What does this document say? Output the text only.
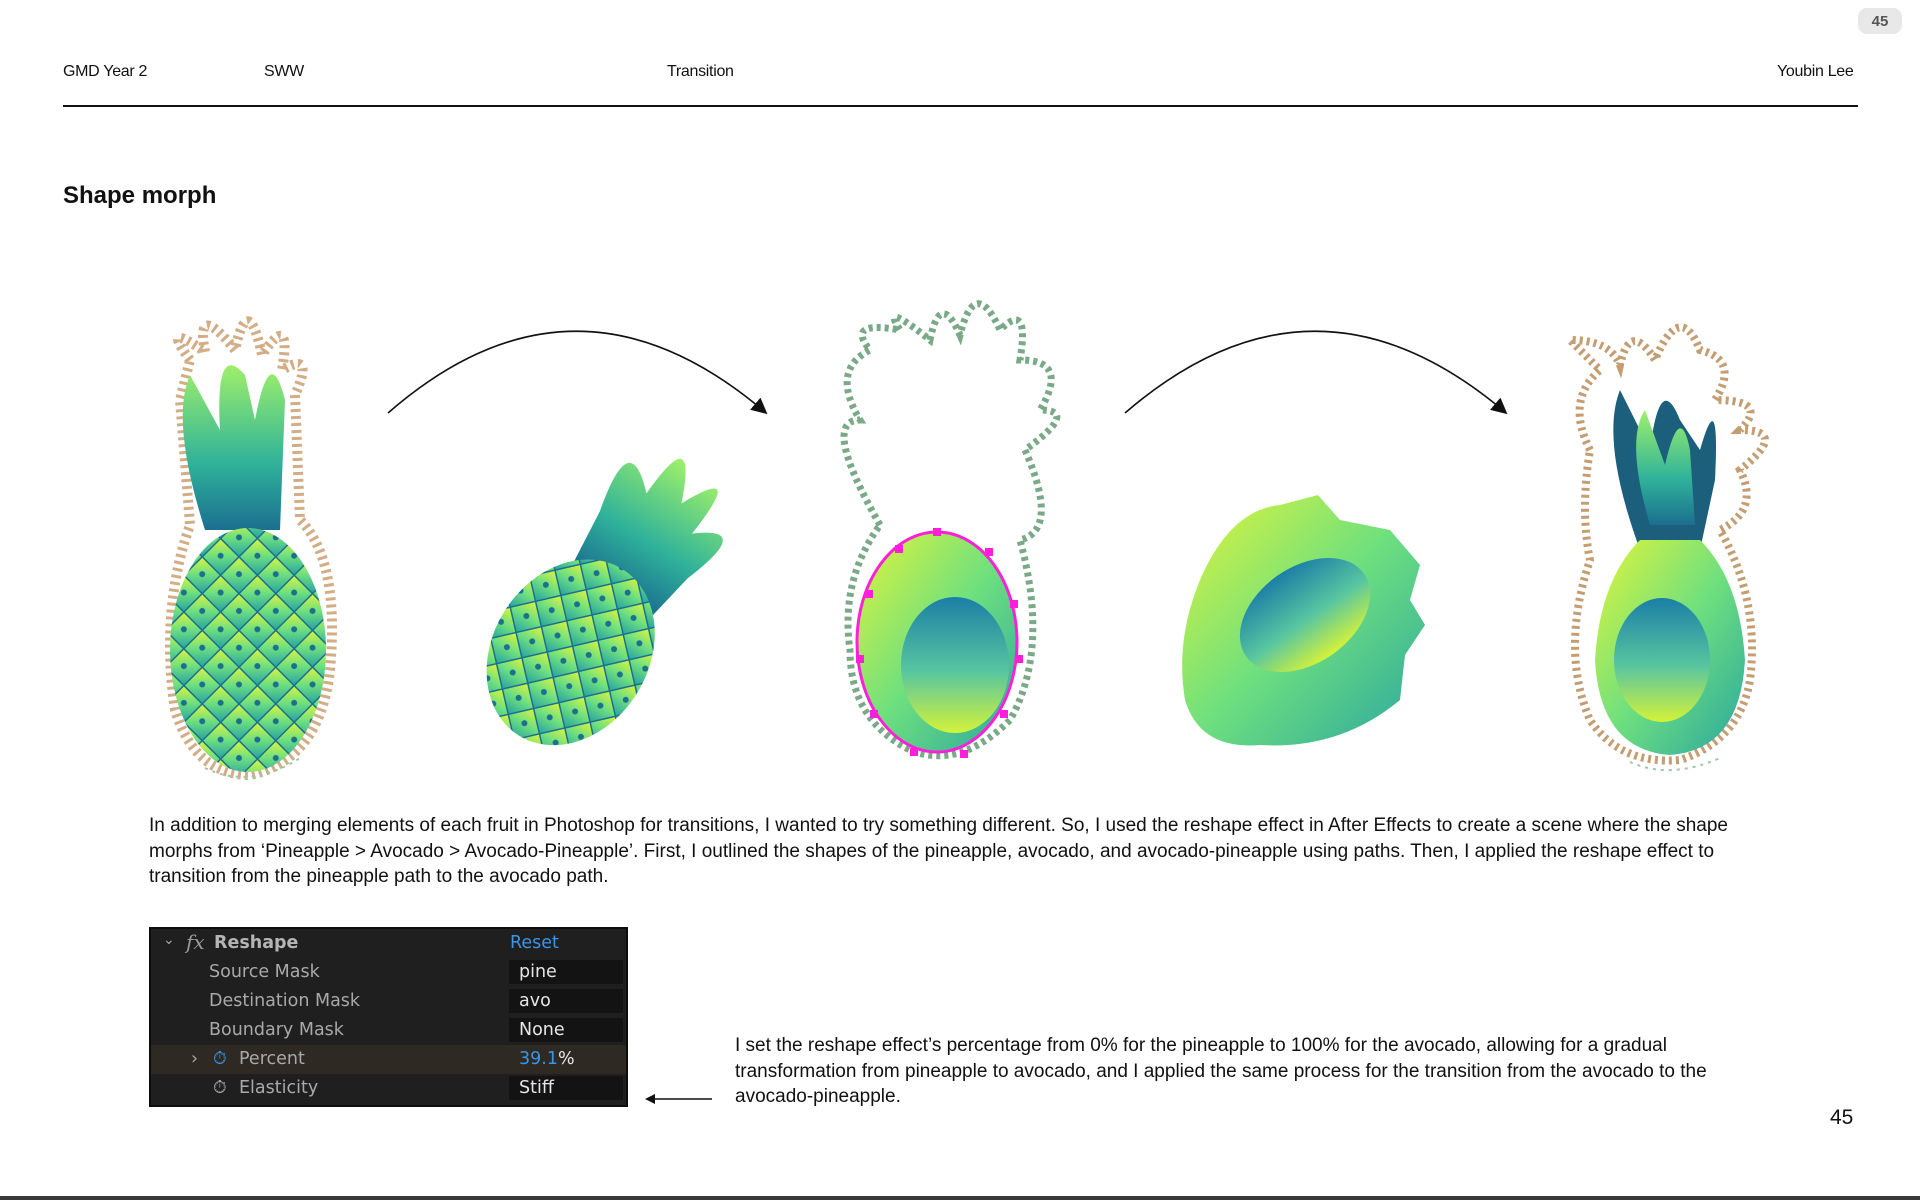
45
GMD Year 2	SWW	Transition	Youbin Lee
Shape morph
In addition to merging elements of each fruit in Photoshop for transitions, I wanted to try something different. So, I used the reshape effect in After Effects to create a scene where the shape morphs from ‘Pineapple > Avocado > Avocado-Pineapple’. First, I outlined the shapes of the pineapple, avocado, and avocado-pineapple using paths. Then, I applied the reshape effect to transition from the pineapple path to the avocado path.
⌄ fx Reshape	Reset
Source Mask	pine
Destination Mask	avo
Boundary Mask	None
› ⏱ Percent	39.1%
⏱ Elasticity	Stiff
I set the reshape effect’s percentage from 0% for the pineapple to 100% for the avocado, allowing for a gradual transformation from pineapple to avocado, and I applied the same process for the transition from the avocado to the avocado-pineapple.
45
